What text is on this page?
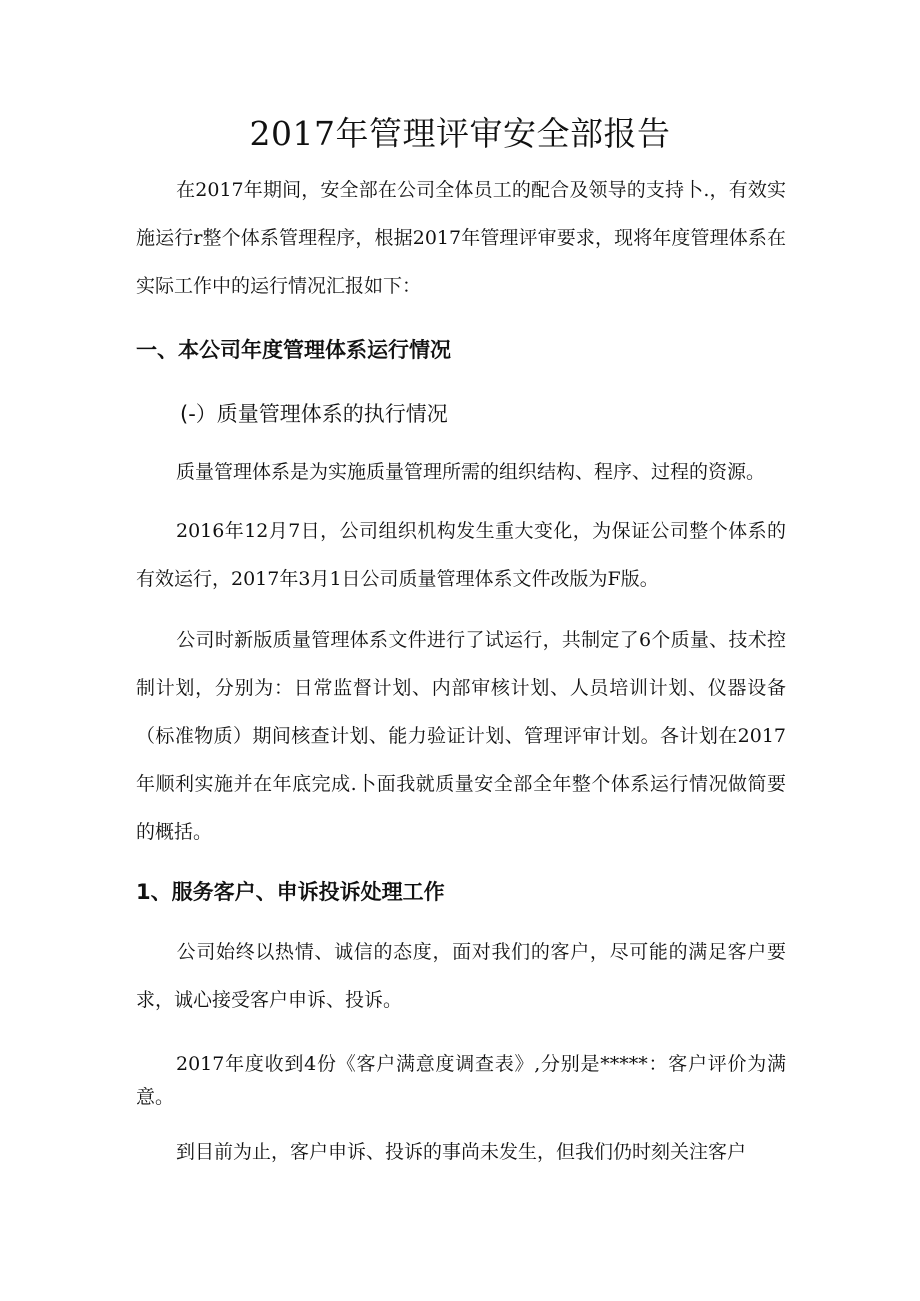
2017年管理评审安全部报告

在2017年期间，安全部在公司全体员工的配合及领导的支持卜.，有效实施运行r整个体系管理程序，根据2017年管理评审要求，现将年度管理体系在实际工作中的运行情况汇报如下：

一、本公司年度管理体系运行情况
(-）质量管理体系的执行情况

质量管理体系是为实施质量管理所需的组织结构、程序、过程的资源。

2016年12月7日，公司组织机构发生重大变化，为保证公司整个体系的有效运行，2017年3月1日公司质量管理体系文件改版为F版。

公司时新版质量管理体系文件进行了试运行，共制定了6个质量、技术控制计划，分别为：日常监督计划、内部审核计划、人员培训计划、仪器设备（标准物质）期间核查计划、能力验证计划、管理评审计划。各计划在2017年顺利实施并在年底完成.卜面我就质量安全部全年整个体系运行情况做简要的概括。

1、服务客户、申诉投诉处理工作

公司始终以热情、诚信的态度，面对我们的客户，尽可能的满足客户要求，诚心接受客户申诉、投诉。

2017年度收到4份《客户满意度调查表》,分别是*****：客户评价为满意。

到目前为止，客户申诉、投诉的事尚未发生，但我们仍时刻关注客户
